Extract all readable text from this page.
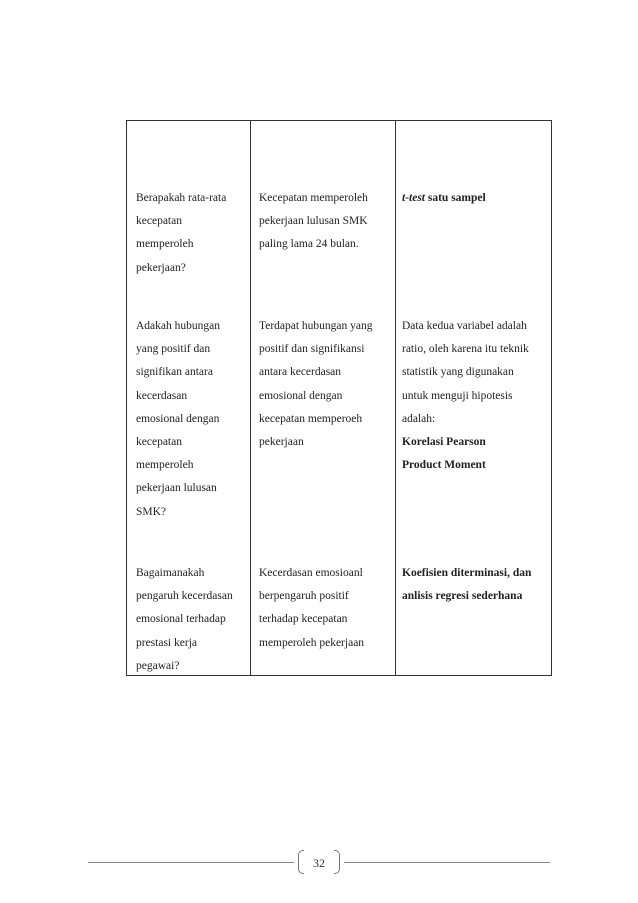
Berapakah rata-rata
kecepatan
memperoleh
pekerjaan?
Kecepatan memperoleh
pekerjaan lulusan SMK
paling lama 24 bulan.
t-test satu sampel
Adakah hubungan
yang positif dan
signifikan antara
kecerdasan
emosional dengan
kecepatan
memperoleh
pekerjaan lulusan
SMK?
Terdapat hubungan yang
positif dan signifikansi
antara kecerdasan
emosional dengan
kecepatan memperoeh
pekerjaan
Data kedua variabel adalah
ratio, oleh karena itu teknik
statistik yang digunakan
untuk menguji hipotesis
adalah:
Korelasi Pearson
Product Moment
Bagaimanakah
pengaruh kecerdasan
emosional terhadap
prestasi kerja
pegawai?
Kecerdasan emosioanl
berpengaruh positif
terhadap kecepatan
memperoleh pekerjaan
Koefisien diterminasi, dan
anlisis regresi sederhana
32
